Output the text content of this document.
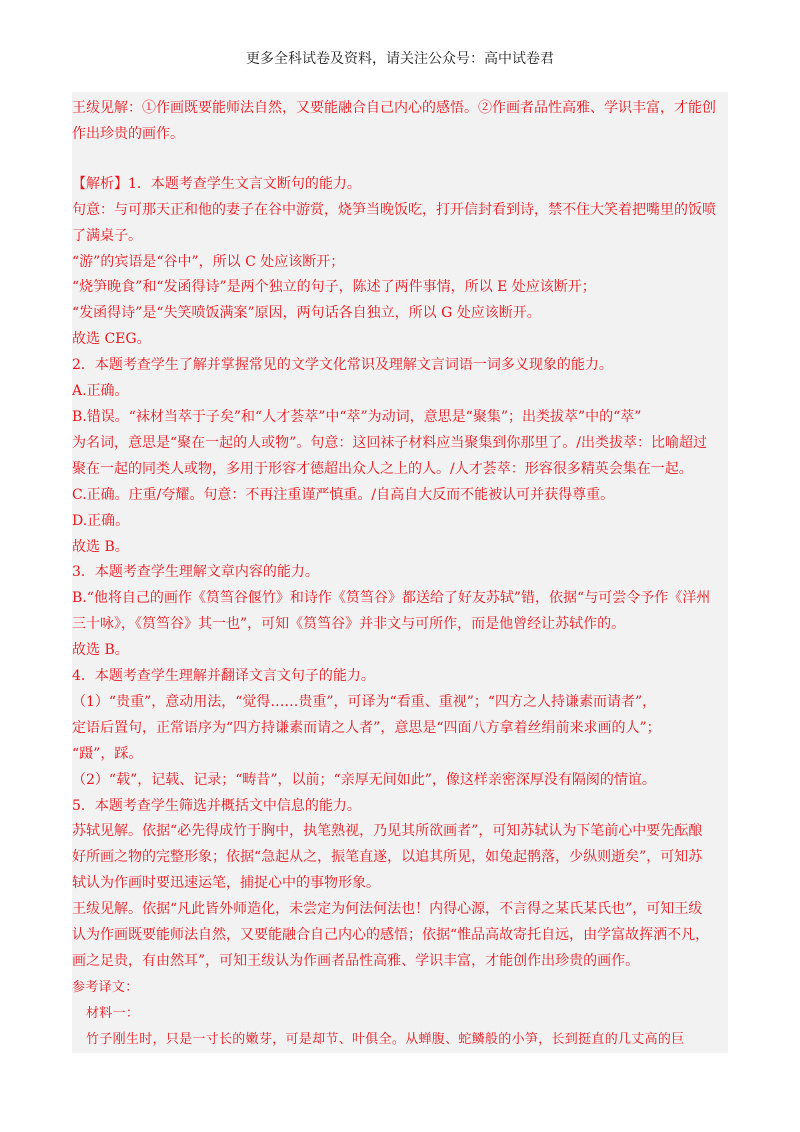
更多全科试卷及资料，请关注公众号：高中试卷君
王绂见解：①作画既要能师法自然，又要能融合自己内心的感悟。②作画者品性高雅、学识丰富，才能创
作出珍贵的画作。
【解析】1．本题考查学生文言文断句的能力。
句意：与可那天正和他的妻子在谷中游赏，烧笋当晚饭吃，打开信封看到诗，禁不住大笑着把嘴里的饭喷
了满桌子。
“游”的宾语是“谷中”，所以 C 处应该断开；
“烧笋晚食”和“发函得诗”是两个独立的句子，陈述了两件事情，所以 E 处应该断开；
“发函得诗”是“失笑喷饭满案”原因，两句话各自独立，所以 G 处应该断开。
故选 CEG。
2．本题考查学生了解并掌握常见的文学文化常识及理解文言词语一词多义现象的能力。
A.正确。
B.错误。“袜材当萃于子矣”和“人才荟萃”中“萃”为动词，意思是“聚集”；出类拔萃”中的“萃”
为名词，意思是“聚在一起的人或物”。句意：这回袜子材料应当聚集到你那里了。/出类拔萃：比喻超过
聚在一起的同类人或物，多用于形容才德超出众人之上的人。/人才荟萃：形容很多精英会集在一起。
C.正确。庄重/夸耀。句意：不再注重谨严慎重。/自高自大反而不能被认可并获得尊重。
D.正确。
故选 B。
3．本题考查学生理解文章内容的能力。
B.“他将自己的画作《筼筜谷偃竹》和诗作《筼筜谷》都送给了好友苏轼”错，依据“与可尝令予作《洋州
三十咏》，《筼筜谷》其一也”，可知《筼筜谷》并非文与可所作，而是他曾经让苏轼作的。
故选 B。
4．本题考查学生理解并翻译文言文句子的能力。
（1）“贵重”，意动用法，“觉得……贵重”，可译为“看重、重视”；“四方之人持谦素而请者”，
定语后置句，正常语序为“四方持谦素而请之人者”，意思是“四面八方拿着丝绢前来求画的人”；
“蹑”，踩。
（2）“载”，记载、记录；“畴昔”，以前；“亲厚无间如此”，像这样亲密深厚没有隔阂的情谊。
5．本题考查学生筛选并概括文中信息的能力。
苏轼见解。依据“必先得成竹于胸中，执笔熟视，乃见其所欲画者”，可知苏轼认为下笔前心中要先酝酿
好所画之物的完整形象；依据“急起从之，振笔直遂，以追其所见，如兔起鹘落，少纵则逝矣”，可知苏
轼认为作画时要迅速运笔，捕捉心中的事物形象。
王绂见解。依据“凡此皆外师造化，未尝定为何法何法也！内得心源，不言得之某氏某氏也”，可知王绂
认为作画既要能师法自然，又要能融合自己内心的感悟；依据“惟品高故寄托自远，由学富故挥洒不凡，
画之足贵，有由然耳”，可知王绂认为作画者品性高雅、学识丰富，才能创作出珍贵的画作。
参考译文：
材料一：
竹子刚生时，只是一寸长的嫩芽，可是却节、叶俱全。从蝉腹、蛇鳞般的小笋，长到挺直的几丈高的巨
